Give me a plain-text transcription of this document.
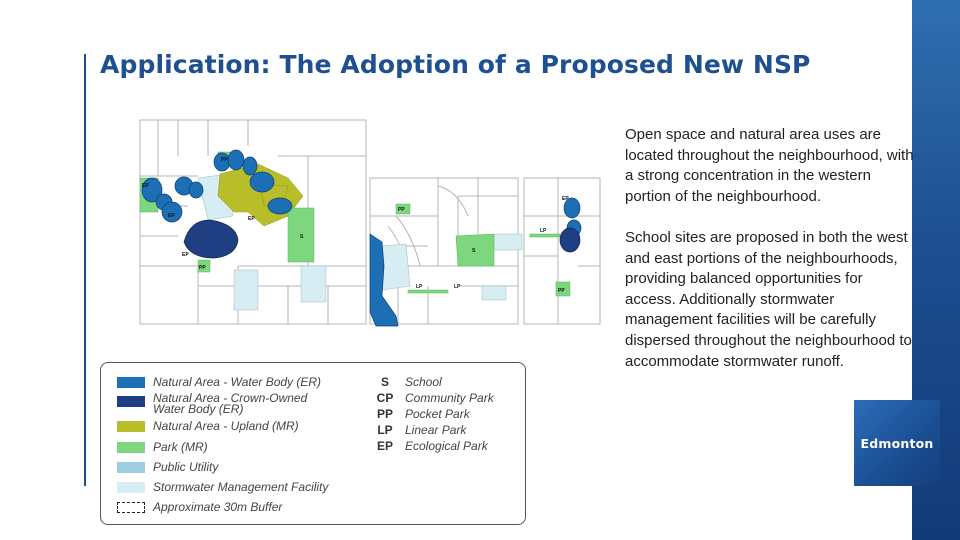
Application: The Adoption of a Proposed New NSP
EP
EP	EP
EP
EP
PP
PP
PP
PP
S
S
LP	LP
LP
Natural Area - Water Body (ER)
Natural Area - Crown-Owned
Water Body (ER)
Natural Area - Upland (MR)
Park (MR)
Public Utility
Stormwater Management Facility
Approximate 30m Buffer
S	School
CP Community Park
PP	Pocket Park
LP	Linear Park
EP	Ecological Park

Open space and natural area uses are located throughout the neighbourhood, with a strong concentration in the western portion of the neighbourhood.

School sites are proposed in both the west and east portions of the neighbourhoods, providing balanced opportunities for access. Additionally stormwater management facilities will be carefully dispersed throughout the neighbourhood to accommodate stormwater runoff.

Edmonton
